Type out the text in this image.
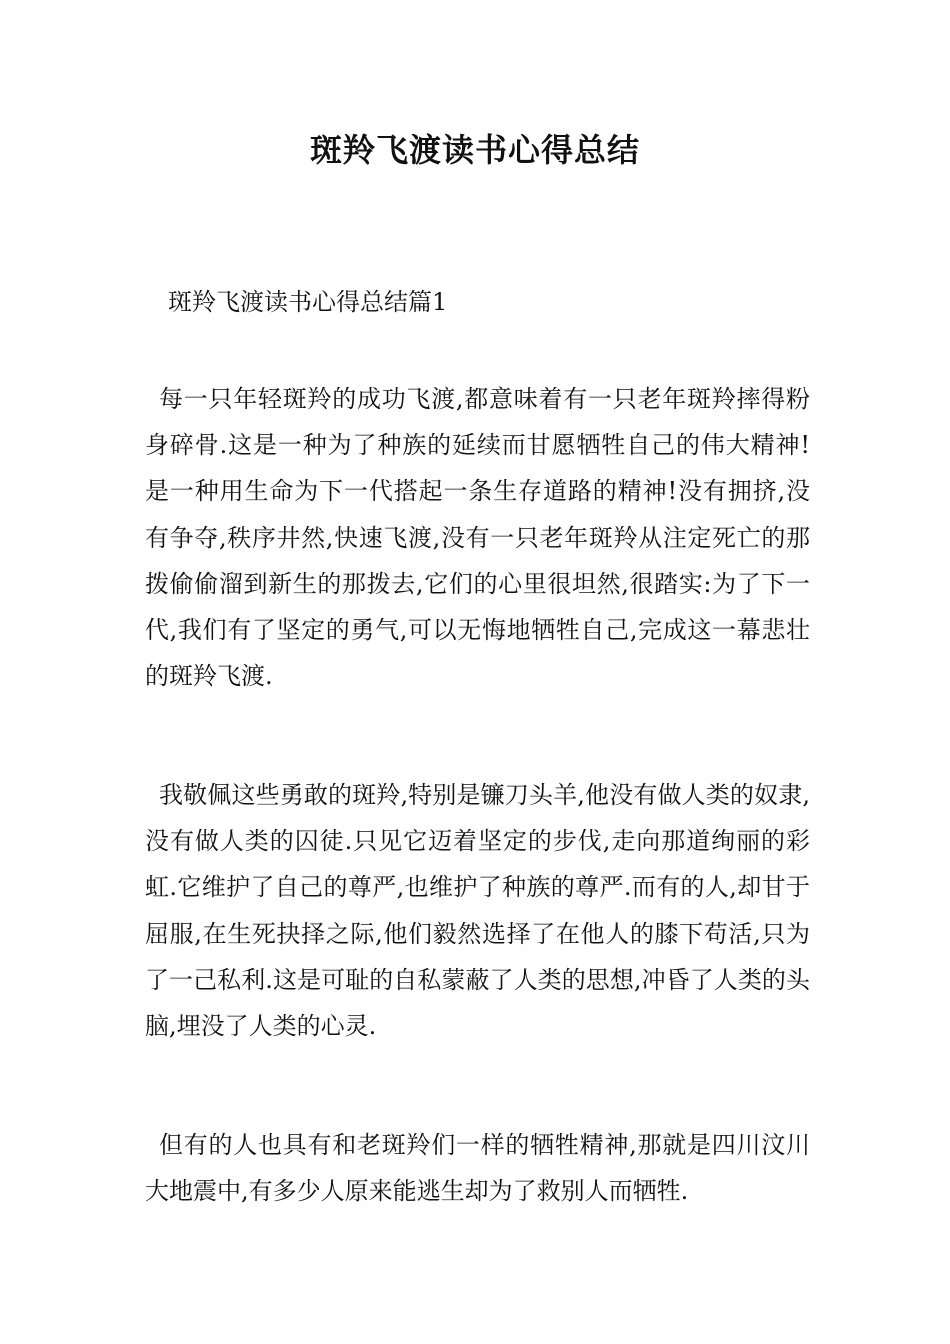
斑羚飞渡读书心得总结
斑羚飞渡读书心得总结篇1

每一只年轻斑羚的成功飞渡,都意味着有一只老年斑羚摔得粉身碎骨.这是一种为了种族的延续而甘愿牺牲自己的伟大精神!是一种用生命为下一代搭起一条生存道路的精神!没有拥挤,没有争夺,秩序井然,快速飞渡,没有一只老年斑羚从注定死亡的那拨偷偷溜到新生的那拨去,它们的心里很坦然,很踏实:为了下一代,我们有了坚定的勇气,可以无悔地牺牲自己,完成这一幕悲壮的斑羚飞渡.

我敬佩这些勇敢的斑羚,特别是镰刀头羊,他没有做人类的奴隶,没有做人类的囚徒.只见它迈着坚定的步伐,走向那道绚丽的彩虹.它维护了自己的尊严,也维护了种族的尊严.而有的人,却甘于屈服,在生死抉择之际,他们毅然选择了在他人的膝下苟活,只为了一己私利.这是可耻的自私蒙蔽了人类的思想,冲昏了人类的头脑,埋没了人类的心灵.

但有的人也具有和老斑羚们一样的牺牲精神,那就是四川汶川大地震中,有多少人原来能逃生却为了救别人而牺牲.
